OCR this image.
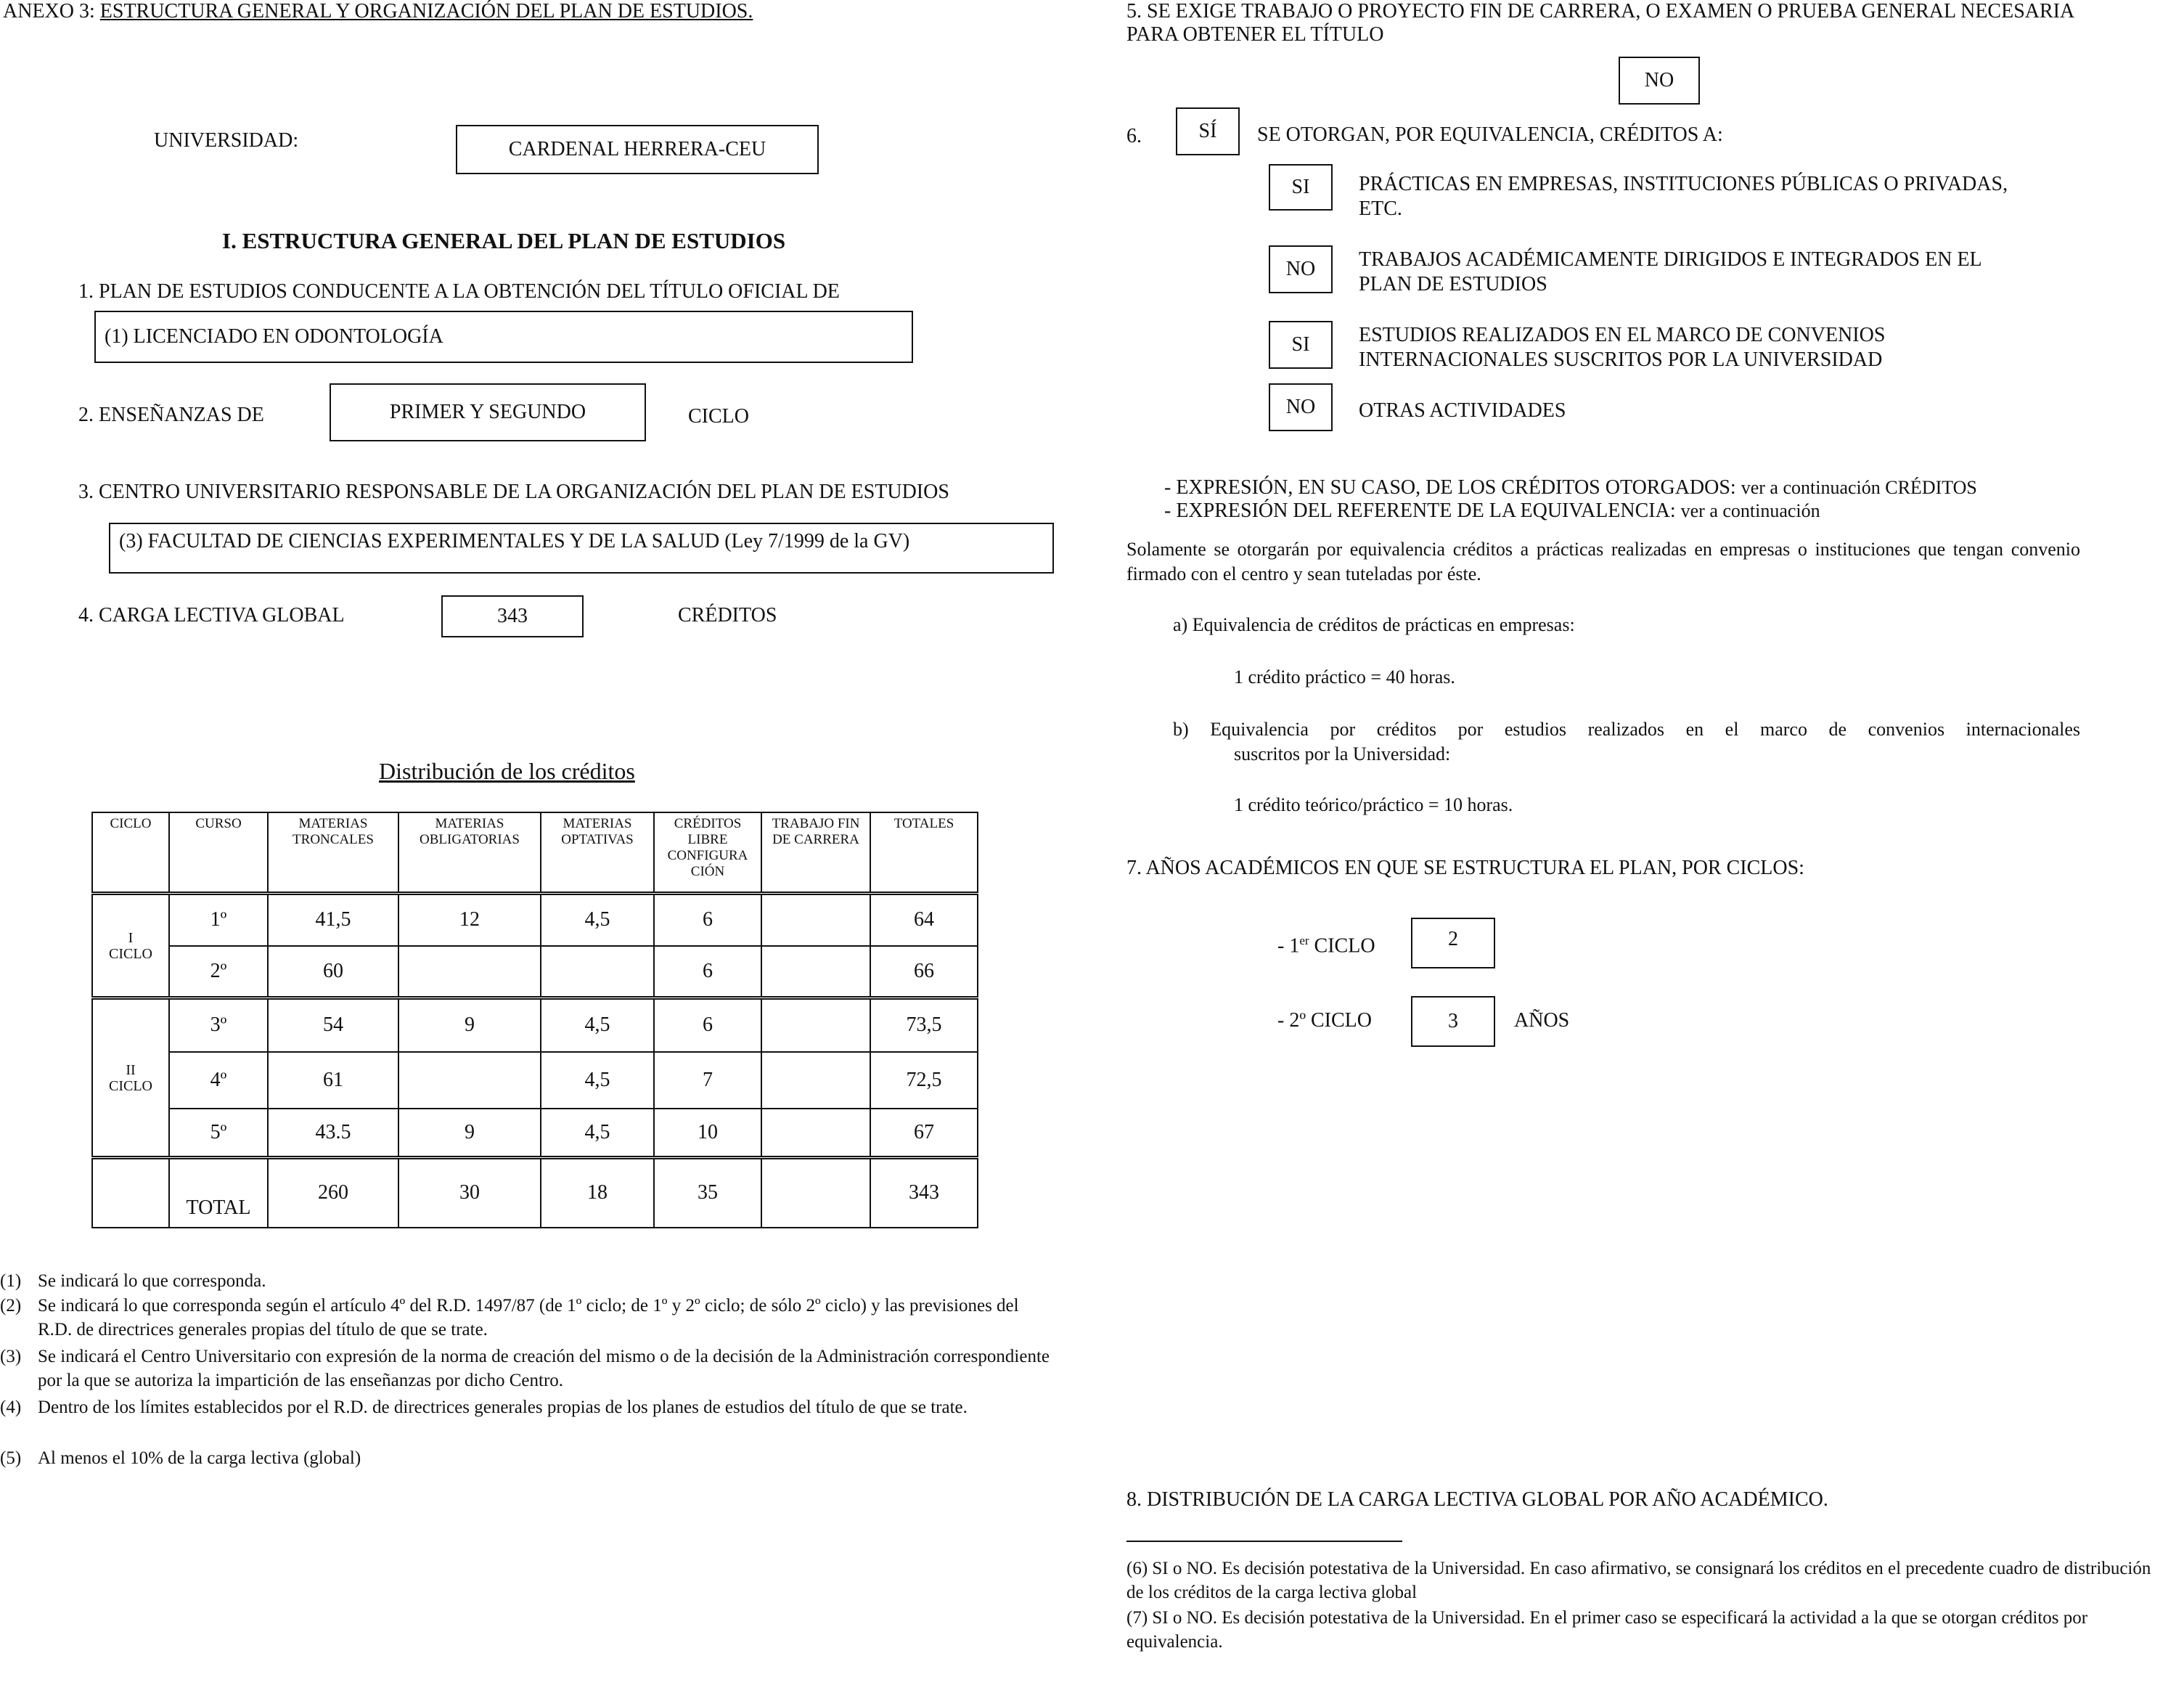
ANEXO 3: ESTRUCTURA GENERAL Y ORGANIZACIÓN DEL PLAN DE ESTUDIOS.
UNIVERSIDAD:	CARDENAL HERRERA-CEU
I. ESTRUCTURA GENERAL DEL PLAN DE ESTUDIOS
1. PLAN DE ESTUDIOS CONDUCENTE A LA OBTENCIÓN DEL TÍTULO OFICIAL DE
(1) LICENCIADO EN ODONTOLOGÍA
2. ENSEÑANZAS DE	PRIMER Y SEGUNDO	CICLO
3. CENTRO UNIVERSITARIO RESPONSABLE DE LA ORGANIZACIÓN DEL PLAN DE ESTUDIOS
(3) FACULTAD DE CIENCIAS EXPERIMENTALES Y DE LA SALUD (Ley 7/1999 de la GV)
4. CARGA LECTIVA GLOBAL	343	CRÉDITOS
Distribución de los créditos
CICLO	CURSO	MATERIAS TRONCALES	MATERIAS OBLIGATORIAS	MATERIAS OPTATIVAS	CRÉDITOS LIBRE CONFIGURA CIÓN	TRABAJO FIN DE CARRERA	TOTALES
I CICLO	1º	41,5	12	4,5	6		64
	2º	60			6		66
II CICLO	3º	54	9	4,5	6		73,5
	4º	61		4,5	7		72,5
	5º	43.5	9	4,5	10		67
	TOTAL	260	30	18	35		343
(1) Se indicará lo que corresponda.
(2) Se indicará lo que corresponda según el artículo 4º del R.D. 1497/87 (de 1º ciclo; de 1º y 2º ciclo; de sólo 2º ciclo) y las previsiones del R.D. de directrices generales propias del título de que se trate.
(3) Se indicará el Centro Universitario con expresión de la norma de creación del mismo o de la decisión de la Administración correspondiente por la que se autoriza la impartición de las enseñanzas por dicho Centro.
(4) Dentro de los límites establecidos por el R.D. de directrices generales propias de los planes de estudios del título de que se trate.
(5) Al menos el 10% de la carga lectiva (global)
5. SE EXIGE TRABAJO O PROYECTO FIN DE CARRERA, O EXAMEN O PRUEBA GENERAL NECESARIA
PARA OBTENER EL TÍTULO
NO
6.	SÍ SE OTORGAN, POR EQUIVALENCIA, CRÉDITOS A:
SI PRÁCTICAS EN EMPRESAS, INSTITUCIONES PÚBLICAS O PRIVADAS,
ETC.
NO TRABAJOS ACADÉMICAMENTE DIRIGIDOS E INTEGRADOS EN EL
PLAN DE ESTUDIOS
SI ESTUDIOS REALIZADOS EN EL MARCO DE CONVENIOS
INTERNACIONALES SUSCRITOS POR LA UNIVERSIDAD
NO OTRAS ACTIVIDADES
- EXPRESIÓN, EN SU CASO, DE LOS CRÉDITOS OTORGADOS: ver a continuación CRÉDITOS
- EXPRESIÓN DEL REFERENTE DE LA EQUIVALENCIA: ver a continuación
Solamente se otorgarán por equivalencia créditos a prácticas realizadas en empresas o instituciones que tengan convenio firmado con el centro y sean tuteladas por éste.
a) Equivalencia de créditos de prácticas en empresas:
1 crédito práctico = 40 horas.
b) Equivalencia por créditos por estudios realizados en el marco de convenios internacionales
suscritos por la Universidad:
1 crédito teórico/práctico = 10 horas.
7. AÑOS ACADÉMICOS EN QUE SE ESTRUCTURA EL PLAN, POR CICLOS:
- 1er CICLO	2
- 2º CICLO	3	AÑOS
8. DISTRIBUCIÓN DE LA CARGA LECTIVA GLOBAL POR AÑO ACADÉMICO.
(6) SI o NO. Es decisión potestativa de la Universidad. En caso afirmativo, se consignará los créditos en el precedente cuadro de distribución de los créditos de la carga lectiva global
(7) SI o NO. Es decisión potestativa de la Universidad. En el primer caso se especificará la actividad a la que se otorgan créditos por equivalencia.
